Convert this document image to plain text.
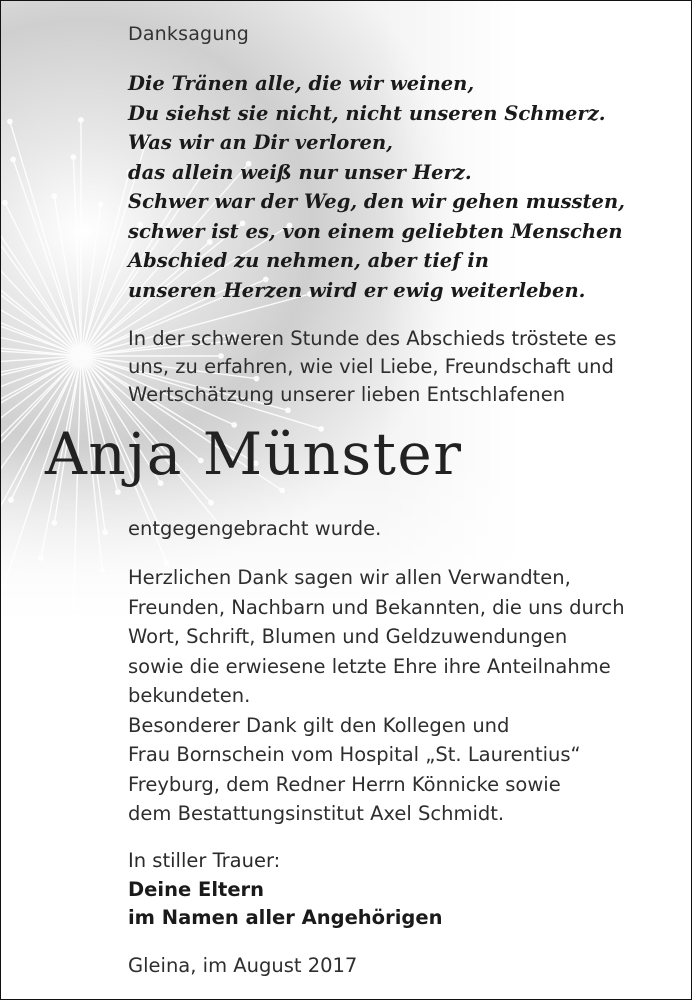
Danksagung
Die Tränen alle, die wir weinen,
Du siehst sie nicht, nicht unseren Schmerz.
Was wir an Dir verloren,
das allein weiß nur unser Herz.
Schwer war der Weg, den wir gehen mussten,
schwer ist es, von einem geliebten Menschen
Abschied zu nehmen, aber tief in
unseren Herzen wird er ewig weiterleben.
In der schweren Stunde des Abschieds tröstete es
uns, zu erfahren, wie viel Liebe, Freundschaft und
Wertschätzung unserer lieben Entschlafenen
Anja Münster
entgegengebracht wurde.
Herzlichen Dank sagen wir allen Verwandten,
Freunden, Nachbarn und Bekannten, die uns durch
Wort, Schrift, Blumen und Geldzuwendungen
sowie die erwiesene letzte Ehre ihre Anteilnahme
bekundeten.
Besonderer Dank gilt den Kollegen und
Frau Bornschein vom Hospital „St. Laurentius“
Freyburg, dem Redner Herrn Könnicke sowie
dem Bestattungsinstitut Axel Schmidt.
In stiller Trauer:
Deine Eltern
im Namen aller Angehörigen
Gleina, im August 2017
